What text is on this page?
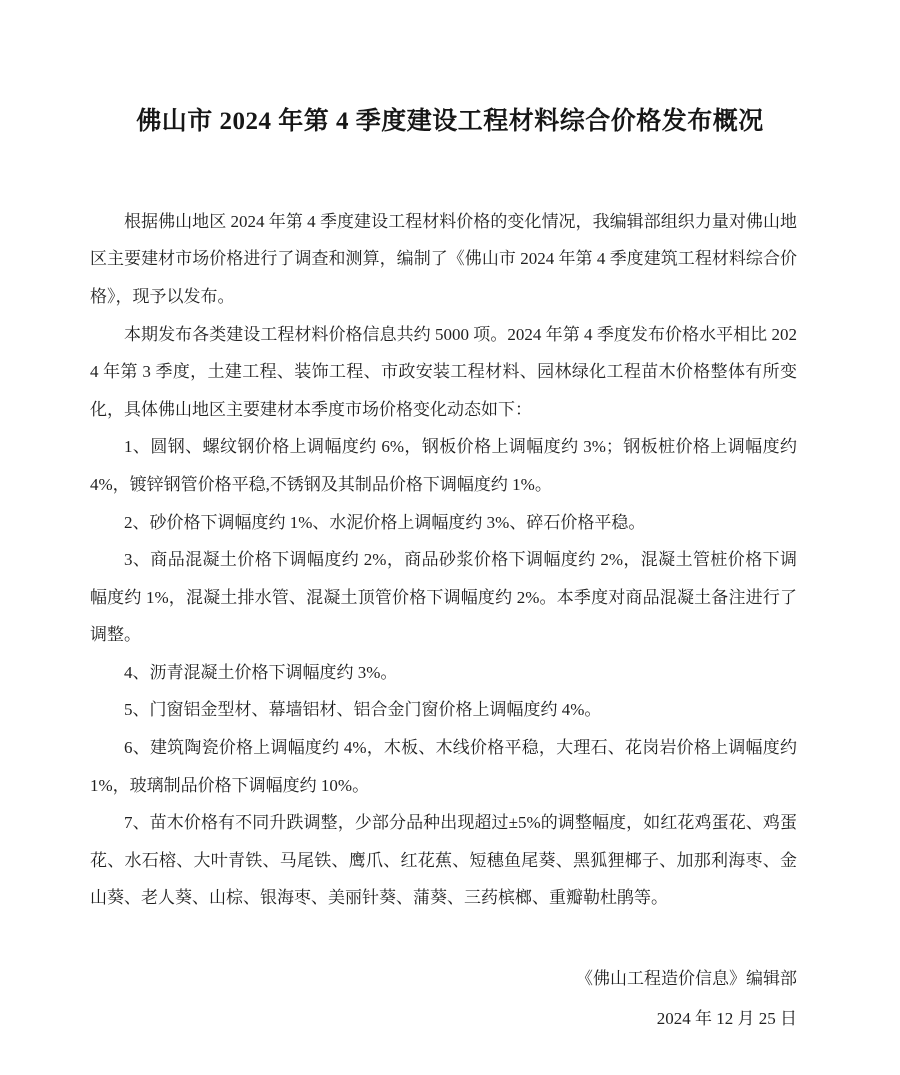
佛山市 2024 年第 4 季度建设工程材料综合价格发布概况

根据佛山地区 2024 年第 4 季度建设工程材料价格的变化情况，我编辑部组织力量对佛山地区主要建材市场价格进行了调查和测算，编制了《佛山市 2024 年第 4 季度建筑工程材料综合价格》，现予以发布。

本期发布各类建设工程材料价格信息共约 5000 项。2024 年第 4 季度发布价格水平相比 2024 年第 3 季度，土建工程、装饰工程、市政安装工程材料、园林绿化工程苗木价格整体有所变化，具体佛山地区主要建材本季度市场价格变化动态如下：

1、圆钢、螺纹钢价格上调幅度约 6%，钢板价格上调幅度约 3%；钢板桩价格上调幅度约 4%，镀锌钢管价格平稳,不锈钢及其制品价格下调幅度约 1%。

2、砂价格下调幅度约 1%、水泥价格上调幅度约 3%、碎石价格平稳。

3、商品混凝土价格下调幅度约 2%，商品砂浆价格下调幅度约 2%，混凝土管桩价格下调幅度约 1%，混凝土排水管、混凝土顶管价格下调幅度约 2%。本季度对商品混凝土备注进行了调整。

4、沥青混凝土价格下调幅度约 3%。

5、门窗铝金型材、幕墙铝材、铝合金门窗价格上调幅度约 4%。

6、建筑陶瓷价格上调幅度约 4%，木板、木线价格平稳，大理石、花岗岩价格上调幅度约 1%，玻璃制品价格下调幅度约 10%。

7、苗木价格有不同升跌调整，少部分品种出现超过±5%的调整幅度，如红花鸡蛋花、鸡蛋花、水石榕、大叶青铁、马尾铁、鹰爪、红花蕉、短穗鱼尾葵、黑狐狸椰子、加那利海枣、金山葵、老人葵、山棕、银海枣、美丽针葵、蒲葵、三药槟榔、重瓣勒杜鹃等。

《佛山工程造价信息》编辑部
2024 年 12 月 25 日
